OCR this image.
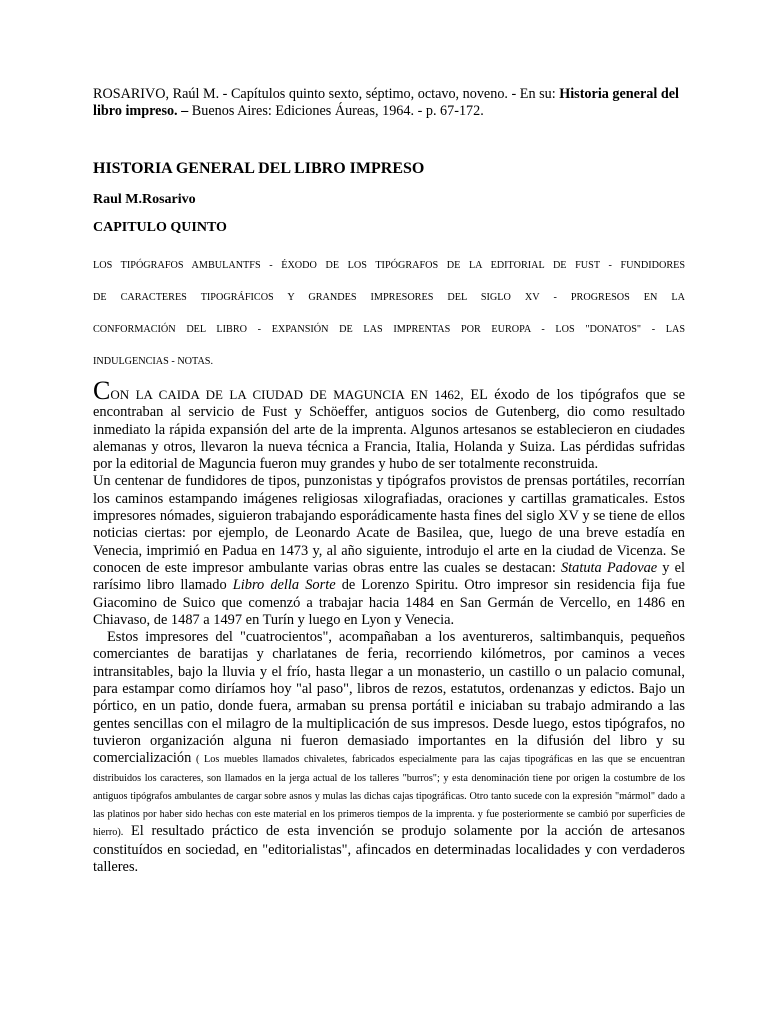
ROSARIVO, Raúl M. - Capítulos quinto sexto, séptimo, octavo, noveno. - En su: Historia general del libro impreso. – Buenos Aires: Ediciones Áureas, 1964. - p. 67-172.

HISTORIA GENERAL DEL LIBRO IMPRESO

Raul M.Rosarivo

CAPITULO QUINTO

LOS TIPÓGRAFOS AMBULANTFS - ÉXODO DE LOS TIPÓGRAFOS DE LA EDITORIAL DE FUST - FUNDIDORES
DE CARACTERES TIPOGRÁFICOS Y GRANDES IMPRESORES DEL SIGLO XV - PROGRESOS EN LA
CONFORMACIÓN DEL LIBRO - EXPANSIÓN DE LAS IMPRENTAS POR EUROPA - LOS "DONATOS" - LAS
INDULGENCIAS - NOTAS.

CON LA CAIDA DE LA CIUDAD DE MAGUNCIA EN 1462, EL éxodo de los tipógrafos que se encontraban al servicio de Fust y Schöeffer, antiguos socios de Gutenberg, dio como resultado inmediato la rápida expansión del arte de la imprenta. Algunos artesanos se establecieron en ciudades alemanas y otros, llevaron la nueva técnica a Francia, Italia, Holanda y Suiza. Las pérdidas sufridas por la editorial de Maguncia fueron muy grandes y hubo de ser totalmente reconstruida.

Un centenar de fundidores de tipos, punzonistas y tipógrafos provistos de prensas portátiles, recorrían los caminos estampando imágenes religiosas xilografiadas, oraciones y cartillas gramaticales. Estos impresores nómades, siguieron trabajando esporádicamente hasta fines del siglo XV y se tiene de ellos noticias ciertas: por ejemplo, de Leonardo Acate de Basilea, que, luego de una breve estadía en Venecia, imprimió en Padua en 1473 y, al año siguiente, introdujo el arte en la ciudad de Vicenza. Se conocen de este impresor ambulante varias obras entre las cuales se destacan: Statuta Padovae y el rarísimo libro llamado Libro della Sorte de Lorenzo Spiritu. Otro impresor sin residencia fija fue Giacomino de Suico que comenzó a trabajar hacia 1484 en San Germán de Vercello, en 1486 en Chiavaso, de 1487 a 1497 en Turín y luego en Lyon y Venecia.

Estos impresores del "cuatrocientos", acompañaban a los aventureros, saltimbanquis, pequeños comerciantes de baratijas y charlatanes de feria, recorriendo kilómetros, por caminos a veces intransitables, bajo la lluvia y el frío, hasta llegar a un monasterio, un castillo o un palacio comunal, para estampar como diríamos hoy "al paso", libros de rezos, estatutos, ordenanzas y edictos. Bajo un pórtico, en un patio, donde fuera, armaban su prensa portátil e iniciaban su trabajo admirando a las gentes sencillas con el milagro de la multiplicación de sus impresos. Desde luego, estos tipógrafos, no tuvieron organización alguna ni fueron demasiado importantes en la difusión del libro y su comercialización ( Los muebles llamados chivaletes, fabricados especialmente para las cajas tipográficas en las que se encuentran distribuidos los caracteres, son llamados en la jerga actual de los talleres "burros"; y esta denominación tiene por origen la costumbre de los antiguos tipógrafos ambulantes de cargar sobre asnos y mulas las dichas cajas tipográficas. Otro tanto sucede con la expresión "mármol" dado a las platinos por haber sido hechas con este material en los primeros tiempos de la imprenta. y fue posteriormente se cambió por superficies de hierro). El resultado práctico de esta invención se produjo solamente por la acción de artesanos constituídos en sociedad, en "editorialistas", afincados en determinadas localidades y con verdaderos talleres.
